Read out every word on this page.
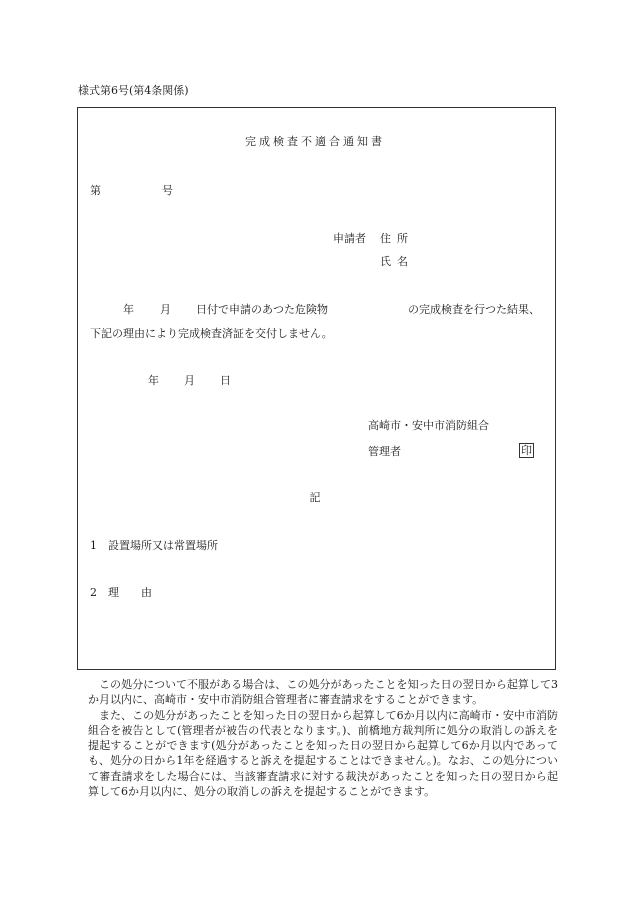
様式第6号(第4条関係)
完成検査不適合通知書
第	号
申請者 住所
氏名
年 月 日付で申請のあつた危険物	の完成検査を行つた結果、
下記の理由により完成検査済証を交付しません。
年 月 日
高崎市・安中市消防組合
管理者	印
記
1　設置場所又は常置場所
2　理　　由

この処分について不服がある場合は、この処分があったことを知った日の翌日から起算して3か月以内に、高崎市・安中市消防組合管理者に審査請求をすることができます。

また、この処分があったことを知った日の翌日から起算して6か月以内に高崎市・安中市消防組合を被告として(管理者が被告の代表となります。)、前橋地方裁判所に処分の取消しの訴えを提起することができます(処分があったことを知った日の翌日から起算して6か月以内であっても、処分の日から1年を経過すると訴えを提起することはできません。)。なお、この処分について審査請求をした場合には、当該審査請求に対する裁決があったことを知った日の翌日から起算して6か月以内に、処分の取消しの訴えを提起することができます。
